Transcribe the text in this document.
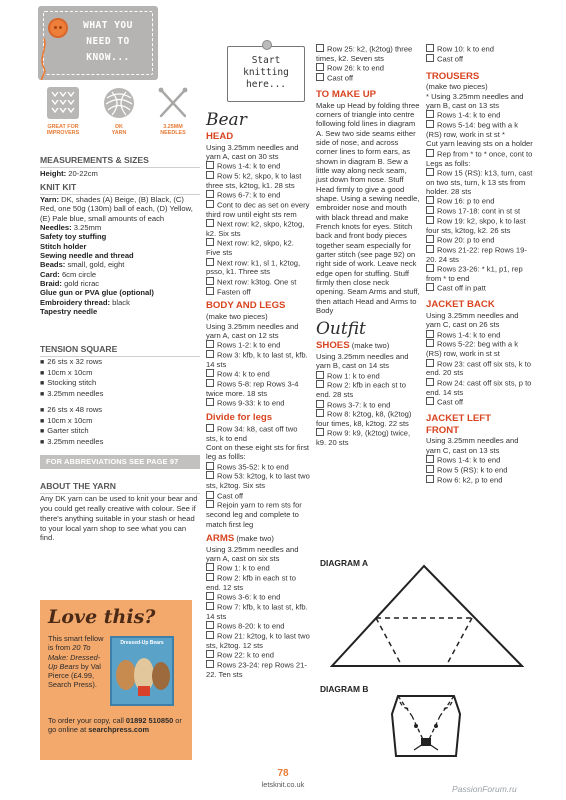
WHAT YOU
NEED TO
KNOW...
GREAT FOR
IMPROVERS
DK
YARN
3.25MM
NEEDLES
MEASUREMENTS & SIZES
Height: 20-22cm
KNIT KIT

Yarn: DK, shades (A) Beige, (B) Black, (C) Red, one 50g (130m) ball of each, (D) Yellow, (E) Pale blue, small amounts of each

Needles: 3.25mm

Safety toy stuffing

Stitch holder

Sewing needle and thread

Beads: small, gold, eight

Card: 6cm circle

Braid: gold ricrac

Glue gun or PVA glue (optional)

Embroidery thread: black

Tapestry needle

TENSION SQUARE
■ 26 sts x 32 rows
■ 10cm x 10cm
■ Stocking stitch
■ 3.25mm needles
■ 26 sts x 48 rows
■ 10cm x 10cm
■ Garter stitch
■ 3.25mm needles
FOR ABBREVIATIONS SEE PAGE 97
ABOUT THE YARN
Any DK yarn can be used to knit your bear and you could get really creative with colour. See if there's anything suitable in your stash or head to your local yarn shop to see what you can find.
Love this?
This smart fellow is from 20 To Make: Dressed-Up Bears by Val Pierce (£4.99, Search Press).
To order your copy, call 01892 510850 or go online at searchpress.com
Dressed-Up Bears
Start
knitting
here...
Bear
HEAD

Using 3.25mm needles and yarn A, cast on 30 sts

Rows 1-4: k to end
Row 5: k2, skpo, k to last three sts, k2tog, k1. 28 sts
Rows 6-7: k to end
Cont to dec as set on every third row until eight sts rem
Next row: k2, skpo, k2tog, k2. Six sts
Next row: k2, skpo, k2. Five sts
Next row: k1, sl 1, k2tog, psso, k1. Three sts
Next row: k3tog. One st
Fasten off
BODY AND LEGS

(make two pieces)

Using 3.25mm needles and yarn A, cast on 12 sts

Rows 1-2: k to end
Row 3: kfb, k to last st, kfb. 14 sts
Row 4: k to end
Rows 5-8: rep Rows 3-4 twice more. 18 sts
Rows 9-33: k to end
Divide for legs
Row 34: k8, cast off two sts, k to end

Cont on these eight sts for first leg as follls:

Rows 35-52: k to end
Row 53: k2tog, k to last two sts, k2tog. Six sts
Cast off
Rejoin yarn to rem sts for second leg and complete to match first leg
ARMS (make two)

Using 3.25mm needles and yarn A, cast on six sts

Row 1: k to end
Row 2: kfb in each st to end. 12 sts
Rows 3-6: k to end
Row 7: kfb, k to last st, kfb. 14 sts
Rows 8-20: k to end
Row 21: k2tog, k to last two sts, k2tog. 12 sts
Row 22: k to end
Rows 23-24: rep Rows 21-22. Ten sts
Row 25: k2, (k2tog) three times, k2. Seven sts
Row 26: k to end
Cast off
TO MAKE UP

Make up Head by folding three corners of triangle into centre following fold lines in diagram A. Sew two side seams either side of nose, and across corner lines to form ears, as shown in diagram B. Sew a little way along neck seam, just down from nose. Stuff Head firmly to give a good shape. Using a sewing needle, embroider nose and mouth with black thread and make French knots for eyes. Stitch back and front body pieces together seam especially for garter stitch (see page 92) on right side of work. Leave neck edge open for stuffing. Stuff firmly then close neck opening. Seam Arms and stuff, then attach Head and Arms to Body

Outfit
SHOES (make two)

Using 3.25mm needles and yarn B, cast on 14 sts

Row 1: k to end
Row 2: kfb in each st to end. 28 sts
Rows 3-7: k to end
Row 8: k2tog, k8, (k2tog) four times, k8, k2tog. 22 sts
Row 9: k9, (k2tog) twice, k9. 20 sts
Row 10: k to end
Cast off
TROUSERS

(make two pieces)

* Using 3.25mm needles and yarn B, cast on 13 sts

Rows 1-4: k to end
Rows 5-14: beg with a k (RS) row, work in st st *

Cut yarn leaving sts on a holder

Rep from * to * once, cont to Legs as folls:
Row 15 (RS): k13, turn, cast on two sts, turn, k 13 sts from holder. 28 sts
Row 16: p to end
Rows 17-18: cont in st st
Row 19: k2, skpo, k to last four sts, k2tog, k2. 26 sts
Row 20: p to end
Rows 21-22: rep Rows 19-20. 24 sts
Rows 23-26: * k1, p1, rep from * to end
Cast off in patt
JACKET BACK

Using 3.25mm needles and yarn C, cast on 26 sts

Rows 1-4: k to end
Rows 5-22: beg with a k (RS) row, work in st st
Row 23: cast off six sts, k to end. 20 sts
Row 24: cast off six sts, p to end. 14 sts
Cast off
JACKET LEFT
FRONT

Using 3.25mm needles and yarn C, cast on 13 sts

Rows 1-4: k to end
Row 5 (RS): k to end
Row 6: k2, p to end
DIAGRAM A
DIAGRAM B
78
letsknit.co.uk	PassionForum.ru
